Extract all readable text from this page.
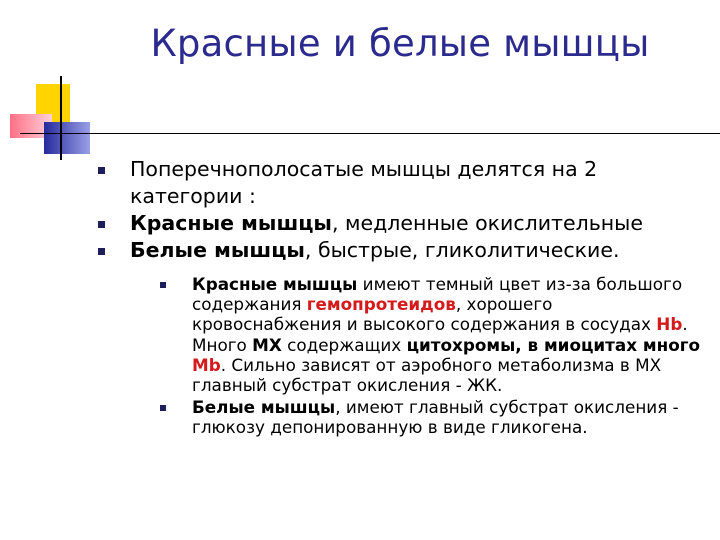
Красные и белые мышцы
Поперечнополосатые мышцы делятся на 2 категории :
Красные мышцы, медленные окислительные
Белые мышцы, быстрые, гликолитические.
Красные мышцы имеют темный цвет из-за большого содержания гемопротеидов, хорошего кровоснабжения и высокого содержания в сосудах Hb. Много MX содержащих цитохромы, в миоцитах много Mb. Сильно зависят от аэробного метаболизма в МХ главный субстрат окисления - ЖК.
Белые мышцы, имеют главный субстрат окисления - глюкозу депонированную в виде гликогена.
